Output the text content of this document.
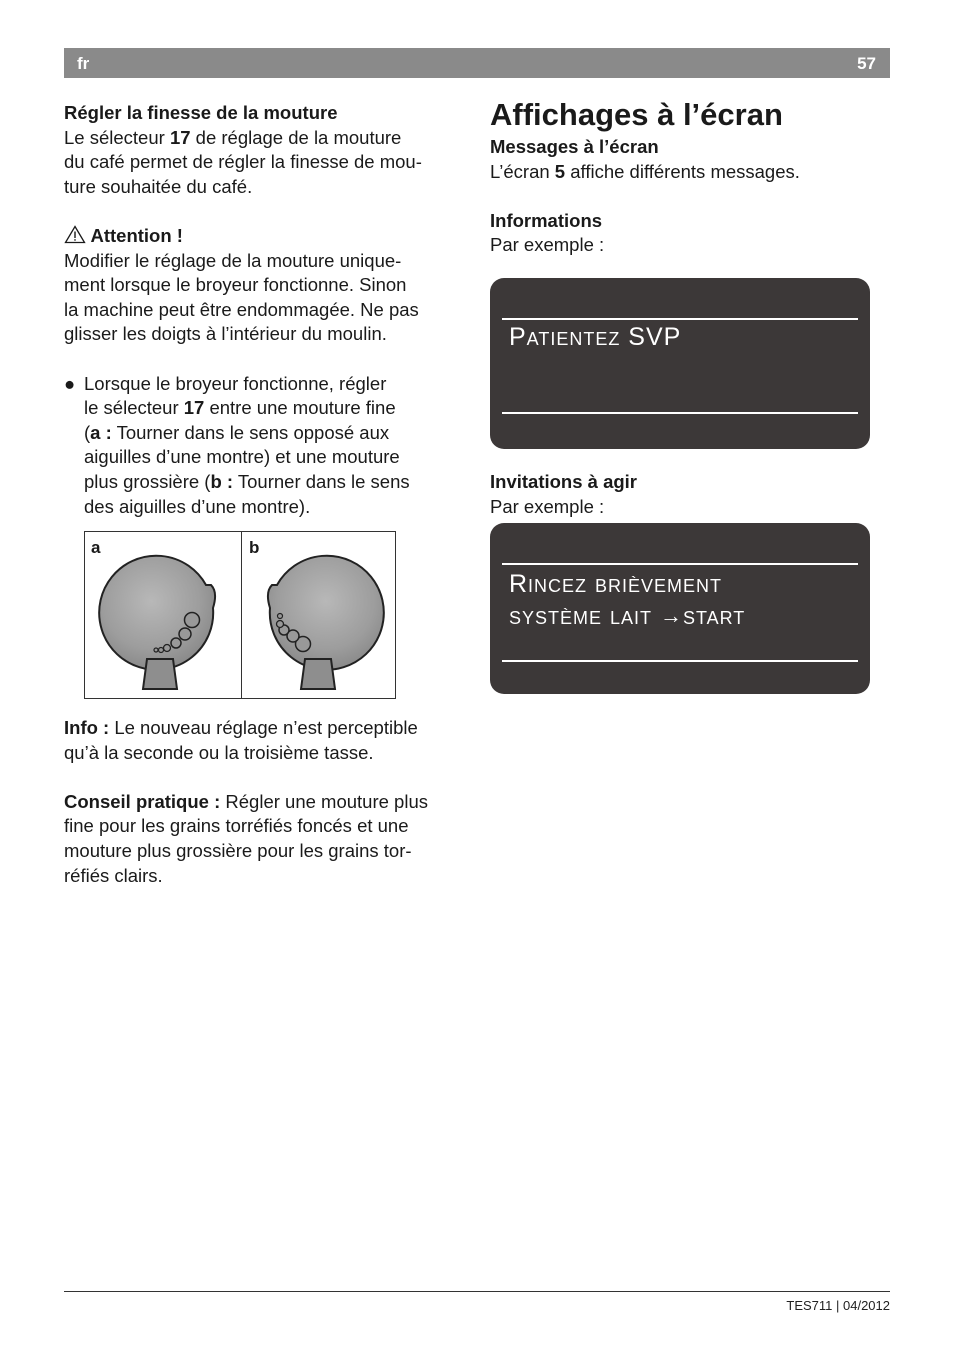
fr	57

Régler la finesse de la mouture

Le sélecteur 17 de réglage de la mouture
du café permet de régler la finesse de mou-
ture souhaitée du café.

Attention !

Modifier le réglage de la mouture unique-
ment lorsque le broyeur fonctionne. Sinon
la machine peut être endommagée. Ne pas
glisser les doigts à l’intérieur du moulin.

● Lorsque le broyeur fonctionne, régler
le sélecteur 17 entre une mouture fine
(a : Tourner dans le sens opposé aux
aiguilles d’une montre) et une mouture
plus grossière (b : Tourner dans le sens
des aiguilles d’une montre).

a	b

Info : Le nouveau réglage n’est perceptible
qu’à la seconde ou la troisième tasse.

Conseil pratique : Régler une mouture plus
fine pour les grains torréfiés foncés et une
mouture plus grossière pour les grains tor-
réfiés clairs.

Affichages à l’écran

Messages à l’écran

L’écran 5 affiche différents messages.

Informations

Par exemple :

Patientez SVP

Invitations à agir

Par exemple :

Rincez brièvement
système lait →start
TES711 | 04/2012
